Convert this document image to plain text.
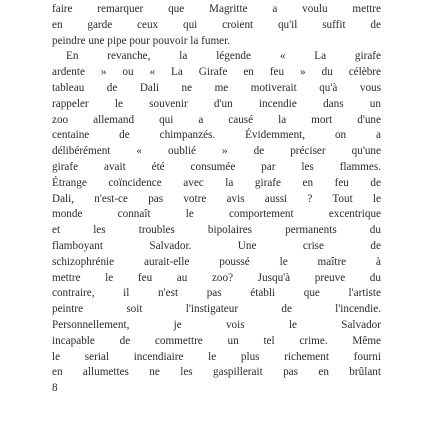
faire remarquer que Magritte a voulu mettre
en garde ceux qui croient qu'il suffit de
peindre une pipe pour pouvoir la fumer.
En revanche, la légende « La girafe
ardente » ou « La Girafe en feu » du célèbre
tableau de Dali ne me motiverait qu'à vous
rappeler le souvenir d'un incendie dans un
zoo allemand qui a causé la mort d'une
centaine de chimpanzés. Évidemment, on a
délibérément « oublié » de préciser qu'une
girafe avait été consumée par les flammes.
Étrange coïncidence avec la girafe en feu de
Dali, n'est-ce pas votre avis aussi ? Tout le
monde connaît le comportement excentrique
et les troubles bipolaires permanents du
flamboyant Salvador. Une crise de
schizophrénie aurait-elle poussé le maître à
mettre le feu au zoo? Jusqu'à preuve du
contraire, il n'est pas établi que l'artiste
peintre soit l'instigateur de l'incendie.
Personnellement, je vois le Salvador
incapable de commettre un tel crime. Même
le serial incendiaire le plus richement fourni
en allumettes ne les gaspillerait pas en brûlant
8
